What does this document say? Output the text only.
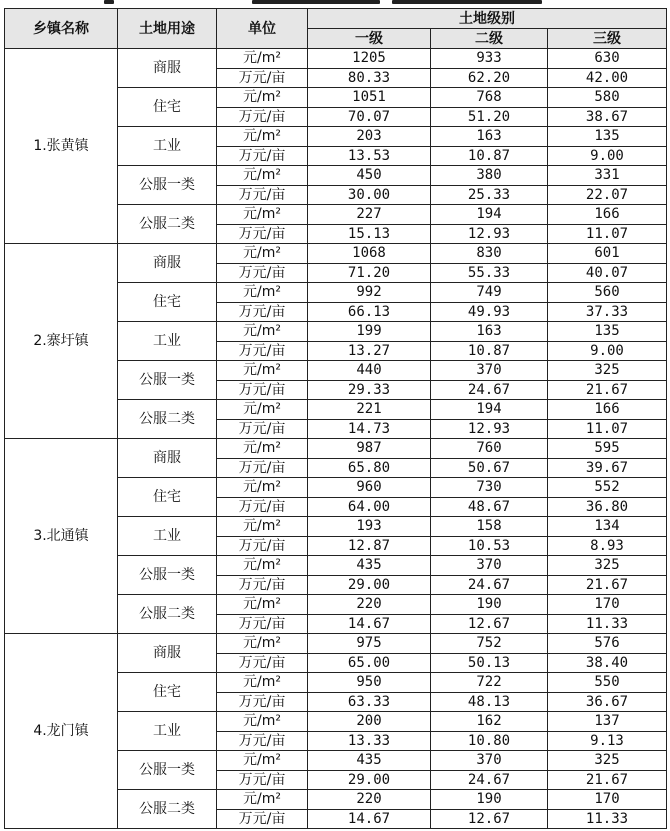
乡镇名称	土地用途	单位	土地级别		
			一级	二级	三级
1.张黄镇	商服	元/m²	1205	933	630
		万元/亩	80.33	62.20	42.00
	住宅	元/m²	1051	768	580
		万元/亩	70.07	51.20	38.67
	工业	元/m²	203	163	135
		万元/亩	13.53	10.87	9.00
	公服一类	元/m²	450	380	331
		万元/亩	30.00	25.33	22.07
	公服二类	元/m²	227	194	166
		万元/亩	15.13	12.93	11.07
2.寨圩镇	商服	元/m²	1068	830	601
		万元/亩	71.20	55.33	40.07
	住宅	元/m²	992	749	560
		万元/亩	66.13	49.93	37.33
	工业	元/m²	199	163	135
		万元/亩	13.27	10.87	9.00
	公服一类	元/m²	440	370	325
		万元/亩	29.33	24.67	21.67
	公服二类	元/m²	221	194	166
		万元/亩	14.73	12.93	11.07
3.北通镇	商服	元/m²	987	760	595
		万元/亩	65.80	50.67	39.67
	住宅	元/m²	960	730	552
		万元/亩	64.00	48.67	36.80
	工业	元/m²	193	158	134
		万元/亩	12.87	10.53	8.93
	公服一类	元/m²	435	370	325
		万元/亩	29.00	24.67	21.67
	公服二类	元/m²	220	190	170
		万元/亩	14.67	12.67	11.33
4.龙门镇	商服	元/m²	975	752	576
		万元/亩	65.00	50.13	38.40
	住宅	元/m²	950	722	550
		万元/亩	63.33	48.13	36.67
	工业	元/m²	200	162	137
		万元/亩	13.33	10.80	9.13
	公服一类	元/m²	435	370	325
		万元/亩	29.00	24.67	21.67
	公服二类	元/m²	220	190	170
		万元/亩	14.67	12.67	11.33
